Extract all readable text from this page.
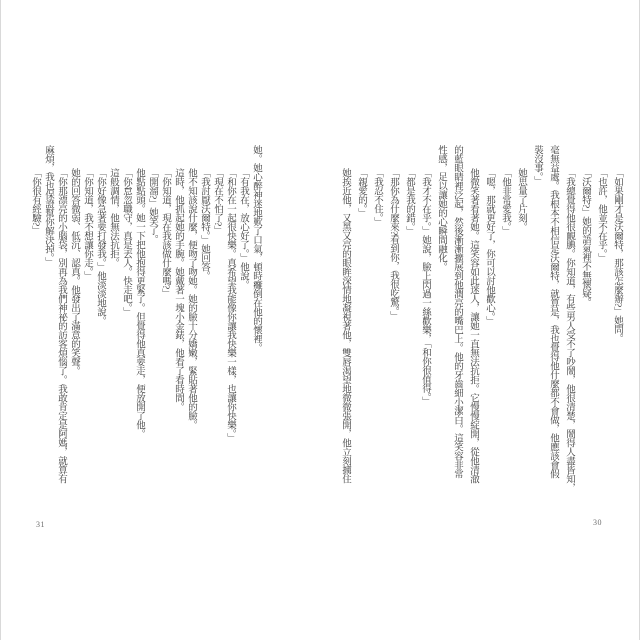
「如果剛才是沃爾特，那該怎麼辦?」她問。
「也許，他並不在乎。」
「沃爾特?」她的語氣裡不無懷疑。
「我總覺得他很靦腆。你知道，有些男人受不了吵鬧，他很清楚，鬧得人盡皆知，
毫無益處。我根本不相信是沃爾特，就算是，我也覺得他什麼都不會做，他應該會假
裝沒事。」
她思量了片刻。
「他非常愛我。」
「嗯，那就更好了，你可以討他歡心。」
他微笑著看著她。這笑容如此迷人，讓她一直無法抗拒。它慢慢綻開，從他清澈
的藍眼睛裡泛起，然後漸漸擴展到他潤亮的嘴巴上。他的牙齒細小潔白。這笑容非常
性感，足以讓她的心瞬間融化。
「我才不在乎。」她說，臉上閃過一絲歡樂，「和你很值得。」
「都是我的錯。」
「那你為什麼來?看到你，我很吃驚。」
「我忍不住。」
「親愛的。」
她挨近他，又黑又亮的眼眸深情地凝視著他，雙唇渴望地微微張開，他立刻擄住
30
她。她心醉神迷地歎了口氣，頓時癱倒在他的懷裡。
「有我在，放心好了。」他說。
「和你在一起很快樂。真希望我能像你讓我快樂一樣，也讓你快樂。」
「現在不怕了?」
「我討厭沃爾特。」她回答。
他不知該說什麼，便吻了吻她。她的臉十分嬌嫩，緊貼著他的臉。
這時，他抓起她的手腕。她戴著一塊小金錶，他看了看時間。
「你知道，現在我該做什麼嗎?」
「開溜?」她笑了。
他點點頭。她一下把他抱得更緊了。但覺得他真要走，便放開了他。
「你怠忽職守，真是丟人。快走吧。」
這般調情，他無法抗拒。
「你好像急著要打發我。」他淡淡地說。
「你知道，我不想讓你走。」
她的回答微弱、低沉、認真。他發出了滿意的笑聲。
「你那漂亮的小腦袋，別再為我們神祕的訪客煩惱了。我敢肯定是阿媽，就算有
麻煩，我也保證幫你解決掉。」
「你很有經驗?」
31
